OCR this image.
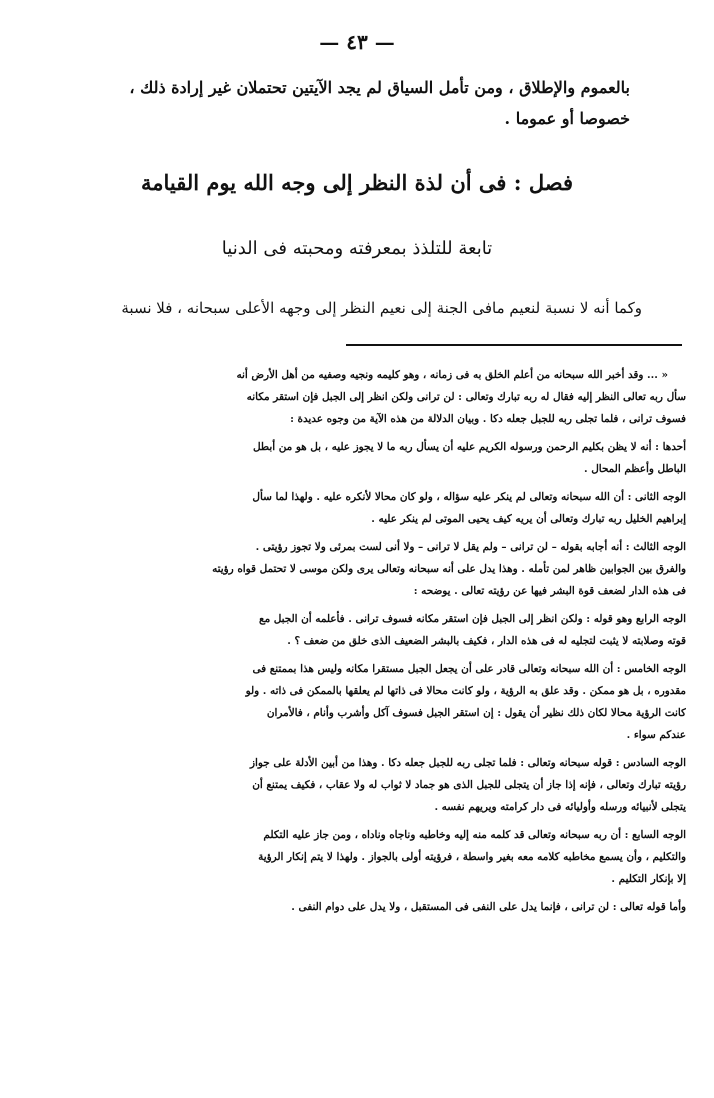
— ٤٣ —
بالعموم والإطلاق ، ومن تأمل السياق لم يجد الآيتين تحتملان غير إرادة ذلك ،
خصوصا أو عموما .
فصل : فى أن لذة النظر إلى وجه الله يوم القيامة
تابعة للتلذذ بمعرفته ومحبته فى الدنيا
وكما أنه لا نسبة لنعيم مافى الجنة إلى نعيم النظر إلى وجهه الأعلى سبحانه ، فلا نسبة
« ... وقد أخبر الله سبحانه من أعلم الخلق به فى زمانه ، وهو كليمه ونجيه وصفيه من أهل الأرض أنه
سأل ربه تعالى النظر إليه فقال له ربه تبارك وتعالى : لن ترانى ولكن انظر إلى الجبل فإن استقر مكانه
فسوف ترانى ، فلما تجلى ربه للجبل جعله دكا . وبيان الدلالة من هذه الآية من وجوه عديدة :
أحدها : أنه لا يظن بكليم الرحمن ورسوله الكريم عليه أن يسأل ربه ما لا يجوز عليه ، بل هو من أبطل
الباطل وأعظم المحال .
الوجه الثانى : أن الله سبحانه وتعالى لم ينكر عليه سؤاله ، ولو كان محالا لأنكره عليه . ولهذا لما سأل
إبراهيم الخليل ربه تبارك وتعالى أن يريه كيف يحيى الموتى لم ينكر عليه .
الوجه الثالث : أنه أجابه بقوله – لن ترانى – ولم يقل لا ترانى – ولا أنى لست بمرئى ولا تجوز رؤيتى .
والفرق بين الجوابين ظاهر لمن تأمله . وهذا يدل على أنه سبحانه وتعالى يرى ولكن موسى لا تحتمل قواه رؤيته
فى هذه الدار لضعف قوة البشر فيها عن رؤيته تعالى . يوضحه :
الوجه الرابع وهو قوله : ولكن انظر إلى الجبل فإن استقر مكانه فسوف ترانى . فأعلمه أن الجبل مع
قوته وصلابته لا يثبت لتجليه له فى هذه الدار ، فكيف بالبشر الضعيف الذى خلق من ضعف ؟ .
الوجه الخامس : أن الله سبحانه وتعالى قادر على أن يجعل الجبل مستقرا مكانه وليس هذا بممتنع فى
مقدوره ، بل هو ممكن . وقد علق به الرؤية ، ولو كانت محالا فى ذاتها لم يعلقها بالممكن فى ذاته . ولو
كانت الرؤية محالا لكان ذلك نظير أن يقول : إن استقر الجبل فسوف آكل وأشرب وأنام ، فالأمران
عندكم سواء .
الوجه السادس : قوله سبحانه وتعالى : فلما تجلى ربه للجبل جعله دكا . وهذا من أبين الأدلة على جواز
رؤيته تبارك وتعالى ، فإنه إذا جاز أن يتجلى للجبل الذى هو جماد لا ثواب له ولا عقاب ، فكيف يمتنع أن
يتجلى لأنبيائه ورسله وأوليائه فى دار كرامته ويريهم نفسه .
الوجه السابع : أن ربه سبحانه وتعالى قد كلمه منه إليه وخاطبه وناجاه وناداه ، ومن جاز عليه التكلم
والتكليم ، وأن يسمع مخاطبه كلامه معه بغير واسطة ، فرؤيته أولى بالجواز . ولهذا لا يتم إنكار الرؤية
إلا بإنكار التكليم .
وأما قوله تعالى : لن ترانى ، فإنما يدل على النفى فى المستقبل ، ولا يدل على دوام النفى .
